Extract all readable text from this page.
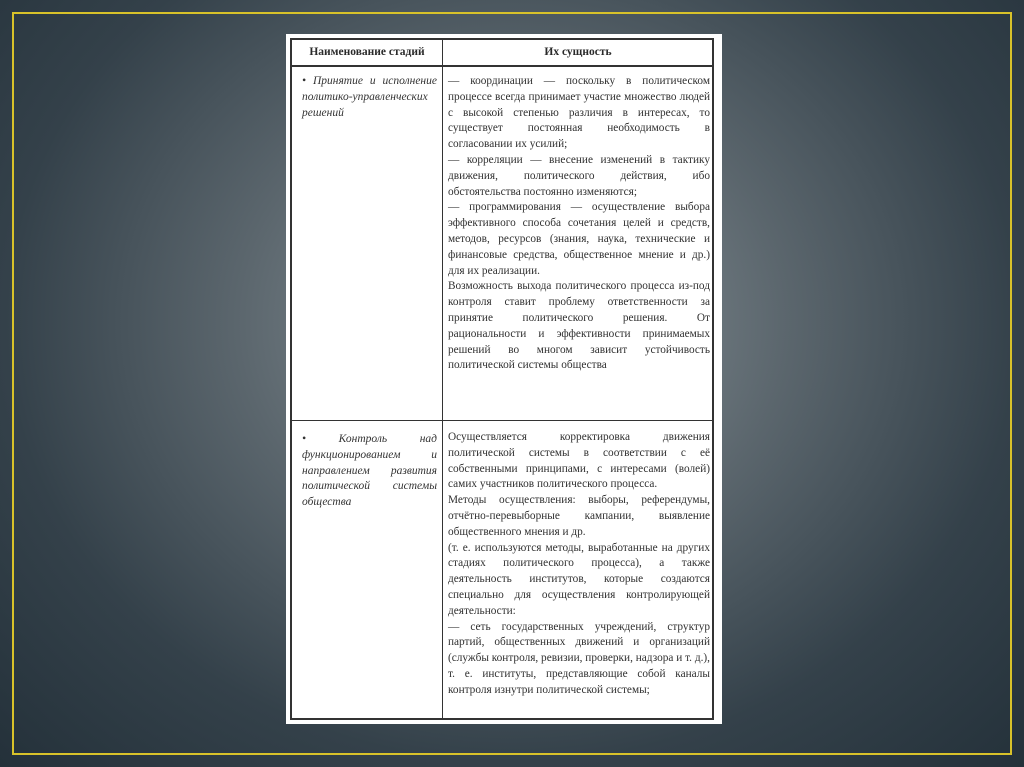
Наименование стадий	Их сущность
• Принятие и исполнение политико-управленческих решений

— координации — поскольку в политическом процессе всегда принимает участие множество людей с высокой степенью различия в интересах, то существует постоянная необходимость в согласовании их усилий;

— корреляции — внесение изменений в тактику движения, политического действия, ибо обстоятельства постоянно изменяются;

— программирования — осуществление выбора эффективного способа сочетания целей и средств, методов, ресурсов (знания, наука, технические и финансовые средства, общественное мнение и др.) для их реализации.

Возможность выхода политического процесса из-под контроля ставит проблему ответственности за принятие политического решения. От рациональности и эффективности принимаемых решений во многом зависит устойчивость политической системы общества

• Контроль над функционированием и направлением развития политической системы общества

Осуществляется корректировка движения политической системы в соответствии с её собственными принципами, с интересами (волей) самих участников политического процесса.

Методы осуществления: выборы, референдумы, отчётно-перевыборные кампании, выявление общественного мнения и др.

(т. е. используются методы, выработанные на других стадиях политического процесса), а также деятельность институтов, которые создаются специально для осуществления контролирующей деятельности:

— сеть государственных учреждений, структур партий, общественных движений и организаций (службы контроля, ревизии, проверки, надзора и т. д.), т. е. институты, представляющие собой каналы контроля изнутри политической системы;
